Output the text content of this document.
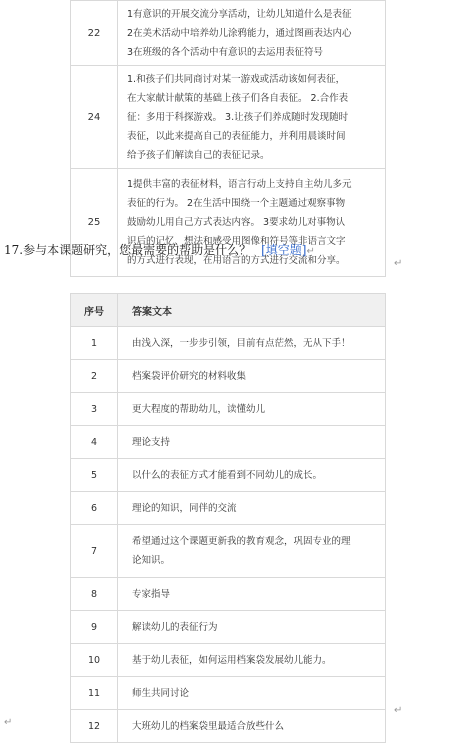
22	1有意识的开展交流分享活动，让幼儿知道什么是表征
2在美术活动中培养幼儿涂鸦能力，通过图画表达内心
3在班级的各个活动中有意识的去运用表征符号

24	1.和孩子们共同商讨对某一游戏或活动该如何表征，
在大家献计献策的基础上孩子们各自表征。 2.合作表
征：多用于科探游戏。 3.让孩子们养成随时发现随时
表征，以此来提高自己的表征能力，并利用晨谈时间
给予孩子们解读自己的表征记录。

25	1提供丰富的表征材料，语言行动上支持自主幼儿多元
表征的行为。 2在生活中围绕一个主题通过观察事物
鼓励幼儿用自己方式表达内容。 3要求幼儿对事物认
识后的记忆、想法和感受用图像和符号等非语言文字
的方式进行表现，在用语言的方式进行交流和分享。	↵
17.参与本课题研究，您最需要的帮助是什么？ [填空题]↵
序号	答案文本
1	由浅入深，一步步引领，目前有点茫然，无从下手！
2	档案袋评价研究的材料收集
3	更大程度的帮助幼儿，读懂幼儿
4	理论支持
5	以什么的表征方式才能看到不同幼儿的成长。
6	理论的知识，同伴的交流
7	希望通过这个课题更新我的教育观念，巩固专业的理
论知识。

8	专家指导
9	解读幼儿的表征行为
10	基于幼儿表征，如何运用档案袋发展幼儿能力。
11	师生共同讨论
12	大班幼儿的档案袋里最适合放些什么
↵
↵
